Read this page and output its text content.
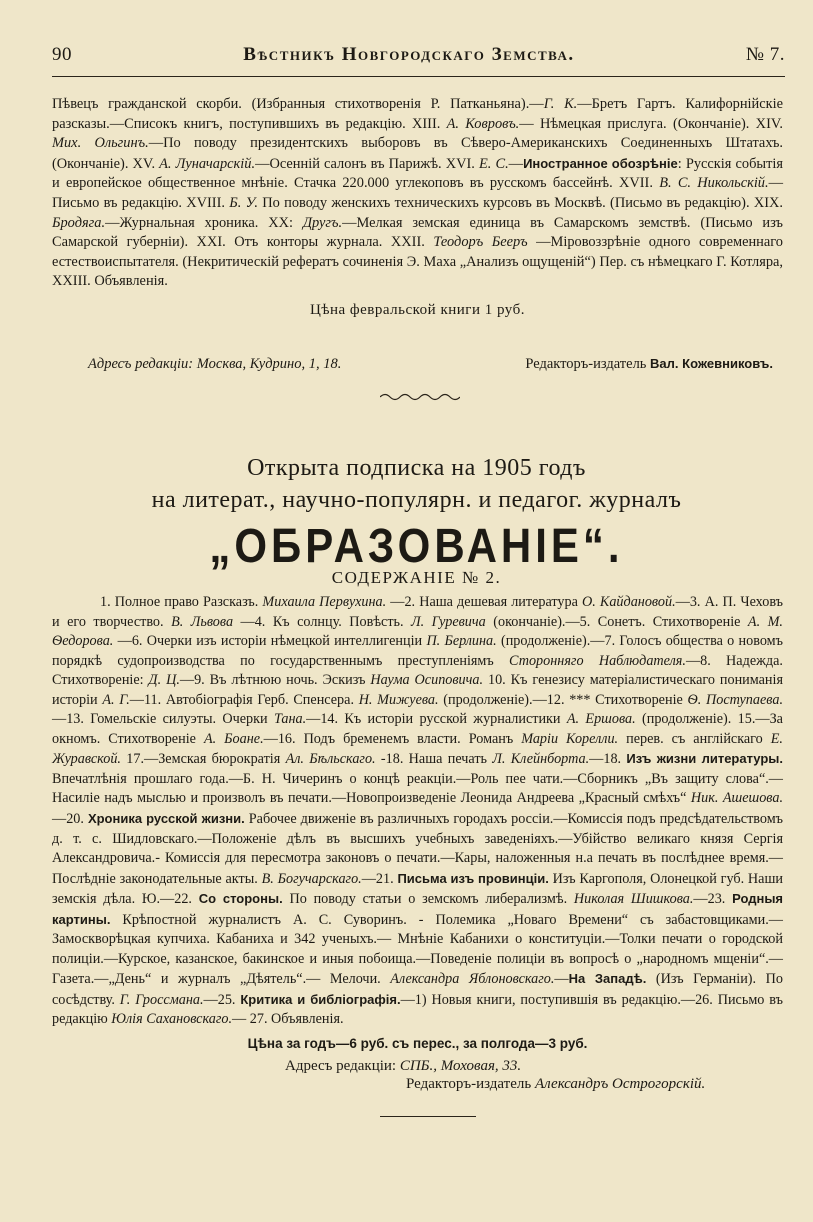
90	Вѣстникъ Новгородскаго Земства.	№ 7.

Пѣвецъ гражданской скорби. (Избранныя стихотворенія Р. Патканьяна).—Г. К.—Бретъ Гартъ. Калифорнійскіе разсказы.—Списокъ книгъ, поступившихъ въ редакцію. XIII. А. Ковровъ.— Нѣмецкая прислуга. (Окончаніе). XIV. Мих. Ольгинъ.—По поводу президентскихъ выборовъ въ Сѣверо-Американскихъ Соединенныхъ Штатахъ. (Окончаніе). XV. А. Луначарскій.—Осенній салонъ въ Парижѣ. XVI. Е. С.—Иностранное обозрѣніе: Русскія событія и европейское общественное мнѣніе. Стачка 220.000 углекоповъ въ русскомъ бассейнѣ. XVII. В. С. Никольскій.— Письмо въ редакцію. XVIII. Б. У. По поводу женскихъ техническихъ курсовъ въ Москвѣ. (Письмо въ редакцію). XIX. Бродяга.—Журнальная хроника. XX: Другъ.—Мелкая земская единица въ Самарскомъ земствѣ. (Письмо изъ Самарской губерніи). XXI. Отъ конторы журнала. XXII. Теодоръ Бееръ —Міровоззрѣніе одного современнаго естествоиспытателя. (Некритическій рефератъ сочиненія Э. Маха „Анализъ ощущеній“) Пер. съ нѣмецкаго Г. Котляра, XXIII. Объявленія.

Цѣна февральской книги 1 руб.
Адресъ редакціи: Москва, Кудрино, 1, 18.	Редакторъ-издатель Вал. Кожевниковъ.
Открыта подписка на 1905 годъ
на литерат., научно-популярн. и педагог. журналъ
„ОБРАЗОВАНІЕ“.
СОДЕРЖАНІЕ № 2.

1. Полное право Разсказъ. Михаила Первухина. —2. Наша дешевая литература О. Кайдановой.—3. А. П. Чеховъ и его творчество. В. Львова —4. Къ солнцу. Повѣсть. Л. Гуревича (окончаніе).—5. Сонетъ. Стихотвореніе А. М. Ѳедорова. —6. Очерки изъ исторіи нѣмецкой интеллигенціи П. Берлина. (продолженіе).—7. Голосъ общества о новомъ порядкѣ судопроизводства по государственнымъ преступленіямъ Сторонняго Наблюдателя.—8. Надежда. Стихотвореніе: Д. Ц.—9. Въ лѣтнюю ночь. Эскизъ Наума Осиповича. 10. Къ генезису матеріалистическаго пониманія исторіи А. Г.—11. Автобіографія Герб. Спенсера. Н. Мижуева. (продолженіе).—12. *** Стихотвореніе Ѳ. Поступаева.—13. Гомельскіе силуэты. Очерки Тана.—14. Къ исторіи русской журналистики А. Ершова. (продолженіе). 15.—За окномъ. Стихотвореніе А. Боане.—16. Подъ бременемъ власти. Романъ Маріи Корелли. перев. съ англійскаго Е. Журавской. 17.—Земская бюрократія Ал. Бѣльскаго. -18. Наша печать Л. Клейнборта.—18. Изъ жизни литературы. Впечатлѣнія прошлаго года.—Б. Н. Чичеринъ о концѣ реакціи.—Роль пее чати.—Сборникъ „Въ защиту слова“.—Насиліе надъ мыслью и произволъ въ печати.—Новопроизведеніе Леонида Андреева „Красный смѣхъ“ Ник. Ашешова.—20. Хроника русской жизни. Рабочее движеніе въ различныхъ городахъ россіи.—Комиссія подъ предсѣдательствомъ д. т. с. Шидловскаго.—Положеніе дѣлъ въ высшихъ учебныхъ заведеніяхъ.—Убійство великаго князя Сергія Александровича.- Комиссія для пересмотра законовъ о печати.—Кары, наложенныя н.а печать въ послѣднее время.—Послѣдніе законодательные акты. В. Богучарскаго.—21. Письма изъ провинціи. Изъ Каргополя, Олонецкой губ. Наши земскія дѣла. Ю.—22. Со стороны. По поводу статьи о земскомъ либерализмѣ. Николая Шишкова.—23. Родныя картины. Крѣпостной журналистъ А. С. Суворинъ. - Полемика „Новаго Времени“ съ забастовщиками.—Замоскворѣцкая купчиха. Кабаниха и 342 ученыхъ.— Мнѣніе Кабанихи о конституціи.—Толки печати о городской полиціи.—Курское, казанское, бакинское и иныя побоища.—Поведеніе полиціи въ вопросѣ о „народномъ мщеніи“.—Газета.—„День“ и журналъ „Дѣятель“.— Мелочи. Александра Яблоновскаго.—На Западѣ. (Изъ Германіи). По сосѣдству. Г. Гроссмана.—25. Критика и библіографія.—1) Новыя книги, поступившія въ редакцію.—26. Письмо въ редакцію Юлія Сахановскаго.— 27. Объявленія.

Цѣна за годъ—6 руб. съ перес., за полгода—3 руб.
Адресъ редакціи: СПБ., Моховая, 33.
Редакторъ-издатель Александръ Острогорскій.
